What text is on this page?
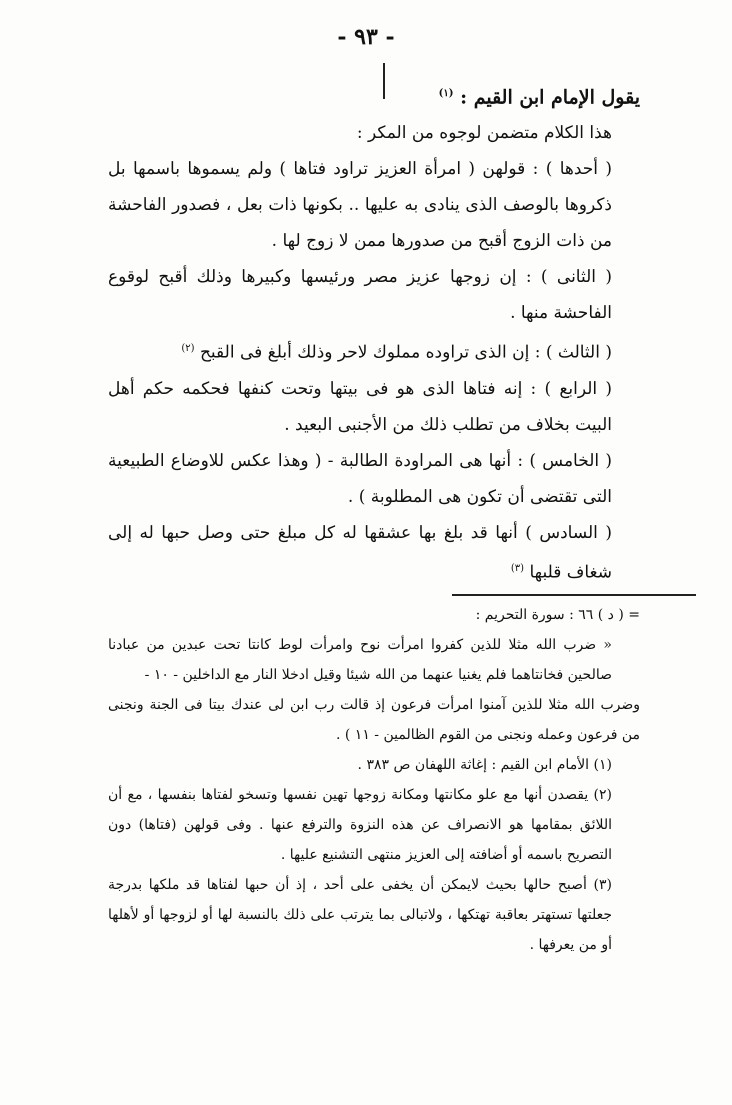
- ٩٣ -

يقول الإمام ابن القيم : $^{(١)}$

هذا الكلام متضمن لوجوه من المكر :

( أحدها ) : قولهن ( امرأة العزيز تراود فتاها ) ولم يسموها باسمها بل ذكروها بالوصف الذى ينادى به عليها .. بكونها ذات بعل ، فصدور الفاحشة من ذات الزوج أقبح من صدورها ممن لا زوج لها .

( الثانى ) : إن زوجها عزيز مصر ورئيسها وكبيرها وذلك أقبح لوقوع الفاحشة منها .

( الثالث ) : إن الذى تراوده مملوك لاحر وذلك أبلغ فى القبح $^{(٢)}$

( الرابع ) : إنه فتاها الذى هو فى بيتها وتحت كنفها فحكمه حكم أهل البيت بخلاف من تطلب ذلك من الأجنبى البعيد .

( الخامس ) : أنها هى المراودة الطالبة - ( وهذا عكس للاوضاع الطبيعية التى تقتضى أن تكون هى المطلوبة ) .

( السادس ) أنها قد بلغ بها عشقها له كل مبلغ حتى وصل حبها له إلى شغاف قلبها $^{(٣)}$

= ( د ) ٦٦ : سورة التحريم :

« ضرب الله مثلا للذين كفروا امرأت نوح وامرأت لوط كانتا تحت عبدين من عبادنا صالحين فخانتاهما فلم يغنيا عنهما من الله شيئا وقيل ادخلا النار مع الداخلين - ١٠ -

وضرب الله مثلا للذين آمنوا امرأت فرعون إذ قالت رب ابن لى عندك بيتا فى الجنة ونجنى من فرعون وعمله ونجنى من القوم الظالمين - ١١ ) .

(١) الأمام ابن القيم : إغاثة اللهفان ص ٣٨٣ .

(٢) يقصدن أنها مع علو مكانتها ومكانة زوجها تهين نفسها وتسخو لفتاها بنفسها ، مع أن اللائق بمقامها هو الانصراف عن هذه النزوة والترفع عنها . وفى قولهن (فتاها) دون التصريح باسمه أو أضافته إلى العزيز منتهى التشنيع عليها .

(٣) أصبح حالها بحيث لايمكن أن يخفى على أحد ، إذ أن حبها لفتاها قد ملكها بدرجة جعلتها تستهتر بعاقبة تهتكها ، ولاتبالى بما يترتب على ذلك بالنسبة لها أو لزوجها أو لأهلها أو من يعرفها .
